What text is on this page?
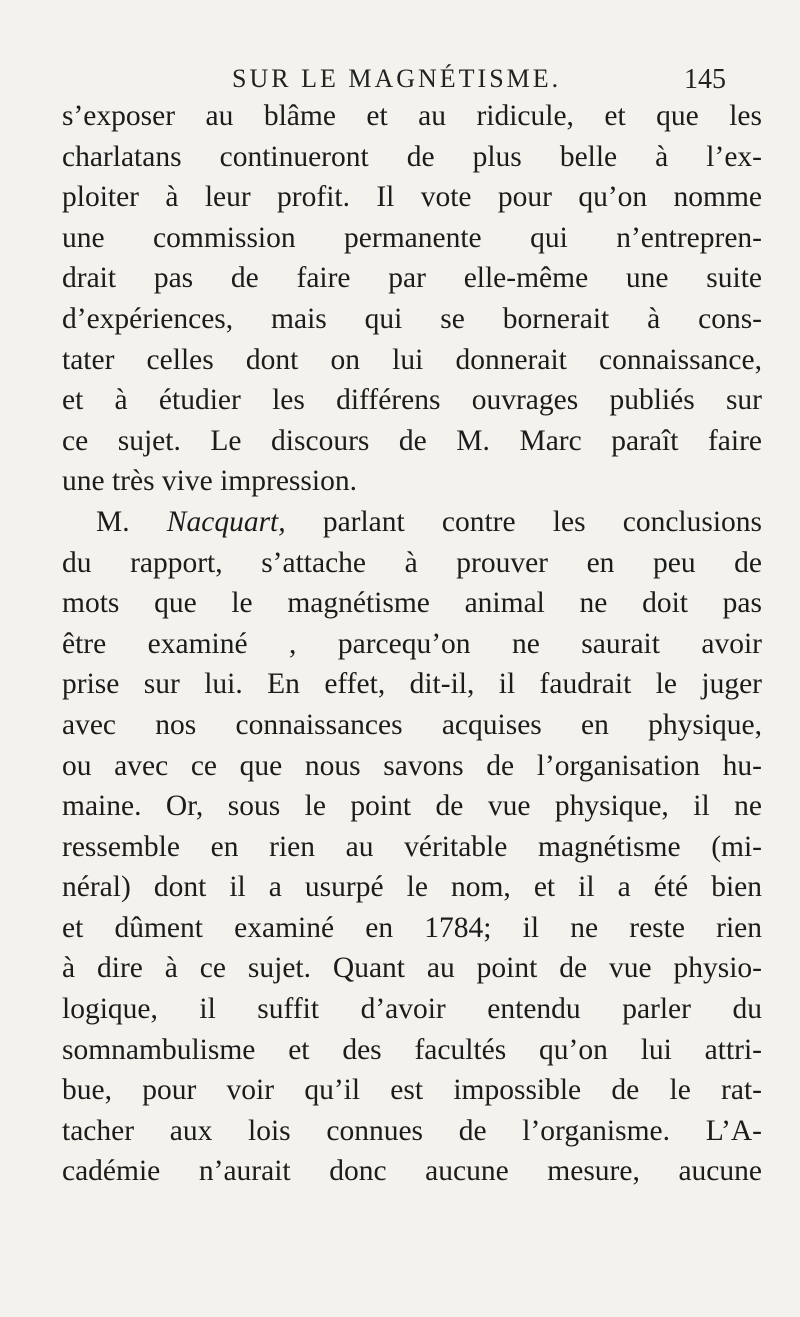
SUR LE MAGNÉTISME.	145
s’exposer au blâme et au ridicule, et que les
charlatans continueront de plus belle à l’ex-
ploiter à leur profit. Il vote pour qu’on nomme
une commission permanente qui n’entrepren-
drait pas de faire par elle-même une suite
d’expériences, mais qui se bornerait à cons-
tater celles dont on lui donnerait connaissance,
et à étudier les différens ouvrages publiés sur
ce sujet. Le discours de M. Marc paraît faire
une très vive impression.
M. Nacquart, parlant contre les conclusions
du rapport, s’attache à prouver en peu de
mots que le magnétisme animal ne doit pas
être examiné , parcequ’on ne saurait avoir
prise sur lui. En effet, dit-il, il faudrait le juger
avec nos connaissances acquises en physique,
ou avec ce que nous savons de l’organisation hu-
maine. Or, sous le point de vue physique, il ne
ressemble en rien au véritable magnétisme (mi-
néral) dont il a usurpé le nom, et il a été bien
et dûment examiné en 1784; il ne reste rien
à dire à ce sujet. Quant au point de vue physio-
logique, il suffit d’avoir entendu parler du
somnambulisme et des facultés qu’on lui attri-
bue, pour voir qu’il est impossible de le rat-
tacher aux lois connues de l’organisme. L’A-
cadémie n’aurait donc aucune mesure, aucune
